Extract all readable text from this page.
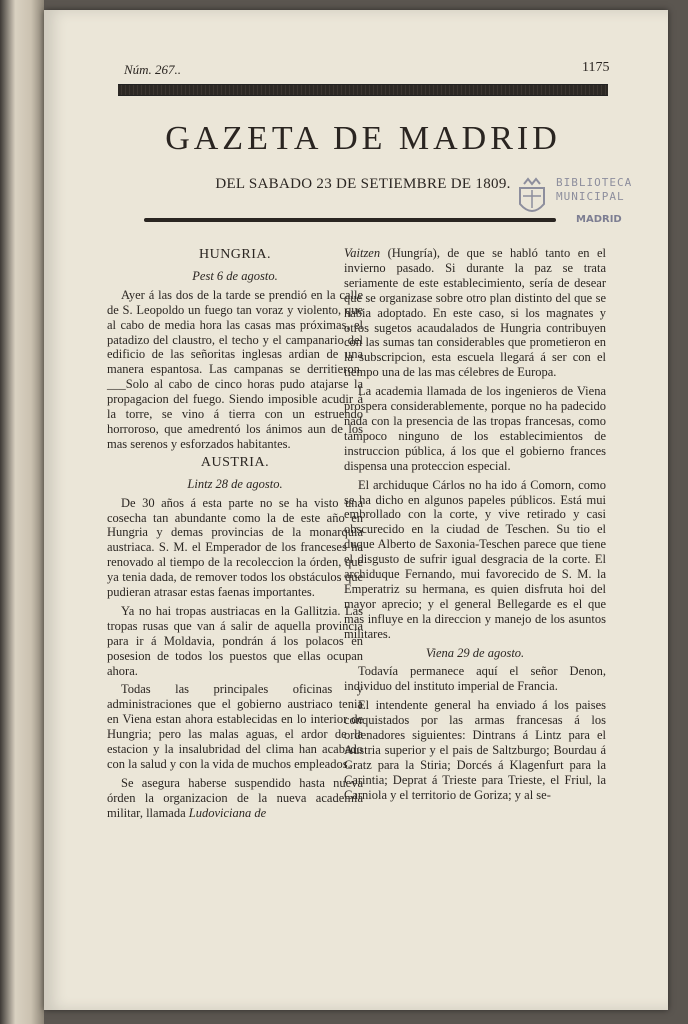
Núm. 267..	1175
GAZETA DE MADRID
DEL SABADO 23 DE SETIEMBRE DE 1809.	BIBLIOTECA
MUNICIPAL
MADRID
HUNGRIA.
Pest 6 de agosto.

Ayer á las dos de la tarde se prendió en la calle de S. Leopoldo un fuego tan voraz y violento, que al cabo de media hora las casas mas próximas, el patadizo del claustro, el techo y el campanario del edificio de las señoritas inglesas ardian de una manera espantosa. Las campanas se derritieron. ___Solo al cabo de cinco horas pudo atajarse la propagacion del fuego. Siendo imposible acudir á la torre, se vino á tierra con un estruendo horroroso, que amedrentó los ánimos aun de los mas serenos y esforzados habitantes.

AUSTRIA.
Lintz 28 de agosto.

De 30 años á esta parte no se ha visto una cosecha tan abundante como la de este año en Hungria y demas provincias de la monarquía austriaca. S. M. el Emperador de los franceses ha renovado al tiempo de la recoleccion la órden, que ya tenia dada, de remover todos los obstáculos que pudieran atrasar estas faenas importantes.

Ya no hai tropas austriacas en la Gallitzia. Las tropas rusas que van á salir de aquella provincia para ir á Moldavia, pondrán á los polacos en posesion de todos los puestos que ellas ocupan ahora.

Todas las principales oficinas y administraciones que el gobierno austriaco tenia en Viena estan ahora establecidas en lo interior de Hungria; pero las malas aguas, el ardor de la estacion y la insalubridad del clima han acabado con la salud y con la vida de muchos empleados.

Se asegura haberse suspendido hasta nueva órden la organizacion de la nueva academia militar, llamada Ludoviciana de

Vaitzen (Hungría), de que se habló tanto en el invierno pasado. Si durante la paz se trata seriamente de este establecimiento, sería de desear que se organizase sobre otro plan distinto del que se habia adoptado. En este caso, si los magnates y otros sugetos acaudalados de Hungria contribuyen con las sumas tan considerables que prometieron en la subscripcion, esta escuela llegará á ser con el tiempo una de las mas célebres de Europa.

La academia llamada de los ingenieros de Viena prospera considerablemente, porque no ha padecido nada con la presencia de las tropas francesas, como tampoco ninguno de los establecimientos de instruccion pública, á los que el gobierno frances dispensa una proteccion especial.

El archiduque Cárlos no ha ido á Comorn, como se ha dicho en algunos papeles públicos. Está mui embrollado con la corte, y vive retirado y casi obscurecido en la ciudad de Teschen. Su tio el duque Alberto de Saxonia-Teschen parece que tiene el disgusto de sufrir igual desgracia de la corte. El archiduque Fernando, mui favorecido de S. M. la Emperatriz su hermana, es quien disfruta hoi del mayor aprecio; y el general Bellegarde es el que mas influye en la direccion y manejo de los asuntos militares.

Viena 29 de agosto.

Todavía permanece aquí el señor Denon, individuo del instituto imperial de Francia.

El intendente general ha enviado á los paises conquistados por las armas francesas á los ordenadores siguientes: Dintrans á Lintz para el Austria superior y el pais de Saltzburgo; Bourdau á Gratz para la Stiria; Dorcés á Klagenfurt para la Carintia; Deprat á Trieste para Trieste, el Friul, la Carniola y el territorio de Goriza; y al se-
